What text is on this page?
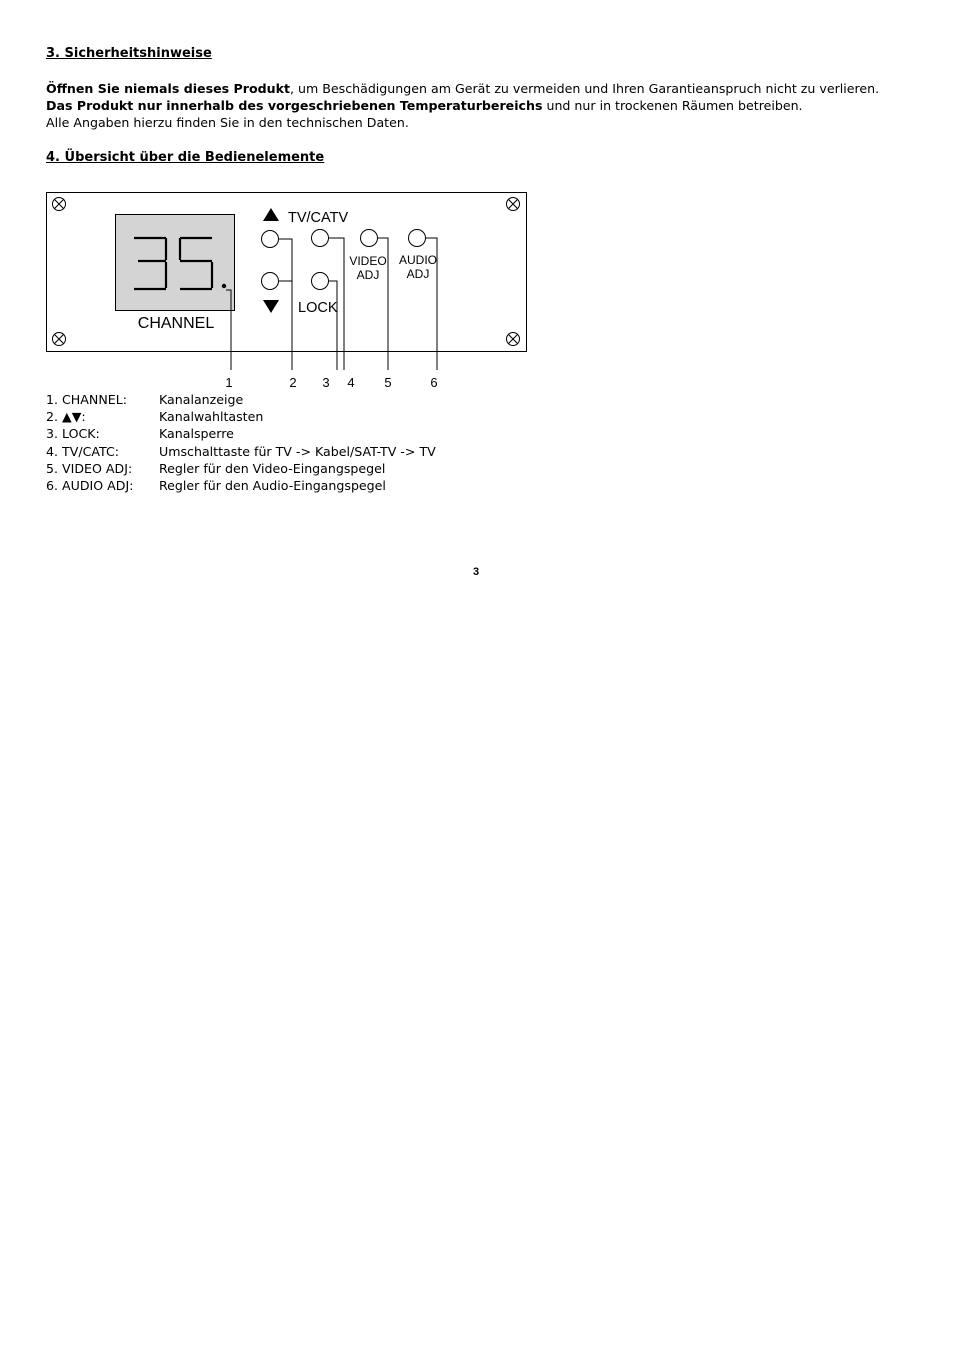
3. Sicherheitshinweise
Öffnen Sie niemals dieses Produkt, um Beschädigungen am Gerät zu vermeiden und Ihren Garantieanspruch nicht zu verlieren.
Das Produkt nur innerhalb des vorgeschriebenen Temperaturbereichs und nur in trockenen Räumen betreiben.
Alle Angaben hierzu finden Sie in den technischen Daten.
4. Übersicht über die Bedienelemente
CHANNEL
TV/CATV
LOCK
VIDEO
ADJ
AUDIO
ADJ
1	2 3 4 5	6
1. CHANNEL:	Kanalanzeige
2. ▲▼:	Kanalwahltasten
3. LOCK:	Kanalsperre
4. TV/CATC:	Umschalttaste für TV -> Kabel/SAT-TV -> TV
5. VIDEO ADJ: Regler für den Video-Eingangspegel
6. AUDIO ADJ: Regler für den Audio-Eingangspegel
3
